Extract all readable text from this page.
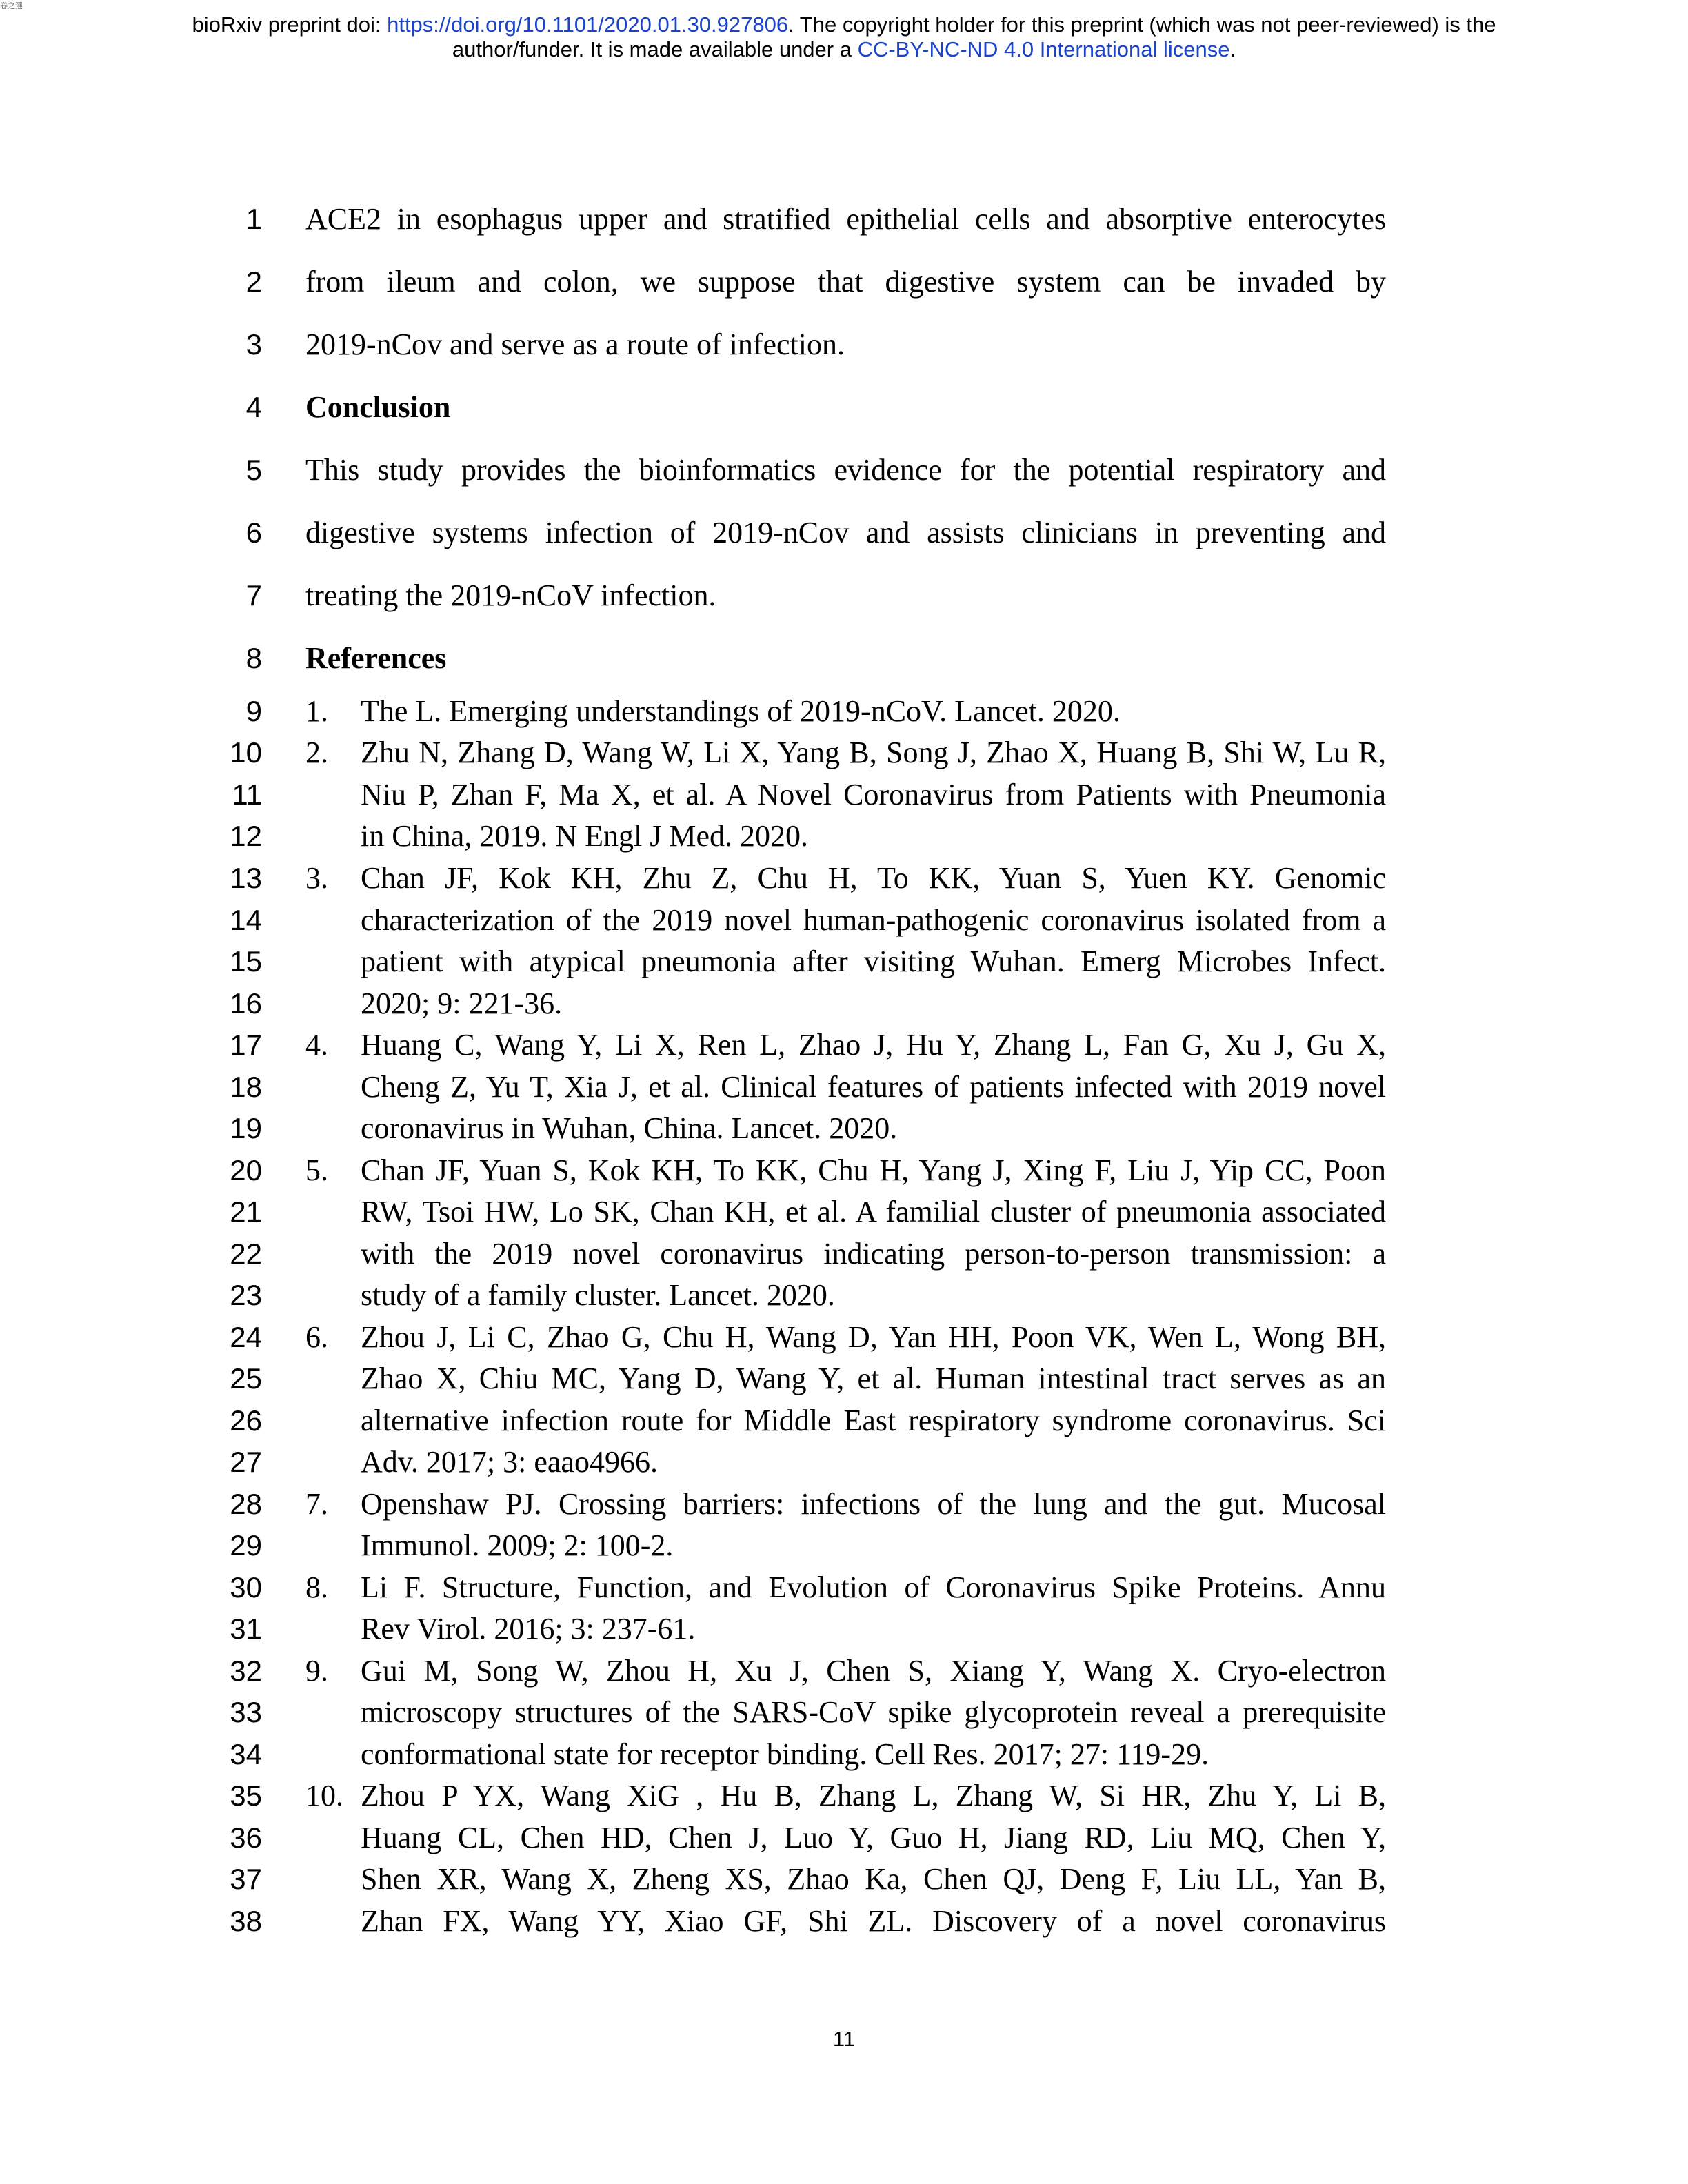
卷之選
bioRxiv preprint doi: https://doi.org/10.1101/2020.01.30.927806. The copyright holder for this preprint (which was not peer-reviewed) is the
author/funder. It is made available under a CC-BY-NC-ND 4.0 International license.
1 ACE2 in esophagus upper and stratified epithelial cells and absorptive enterocytes
2 from ileum and colon, we suppose that digestive system can be invaded by
3 2019-nCov and serve as a route of infection.
4 Conclusion
5 This study provides the bioinformatics evidence for the potential respiratory and
6 digestive systems infection of 2019-nCov and assists clinicians in preventing and
7 treating the 2019-nCoV infection.
8 References
9 1.	The L. Emerging understandings of 2019-nCoV. Lancet. 2020.
10 2.	Zhu N, Zhang D, Wang W, Li X, Yang B, Song J, Zhao X, Huang B, Shi W, Lu R,
11	Niu P, Zhan F, Ma X, et al. A Novel Coronavirus from Patients with Pneumonia
12	in China, 2019. N Engl J Med. 2020.
13 3.	Chan JF, Kok KH, Zhu Z, Chu H, To KK, Yuan S, Yuen KY. Genomic
14	characterization of the 2019 novel human-pathogenic coronavirus isolated from a
15	patient with atypical pneumonia after visiting Wuhan. Emerg Microbes Infect.
16	2020; 9: 221-36.
17 4.	Huang C, Wang Y, Li X, Ren L, Zhao J, Hu Y, Zhang L, Fan G, Xu J, Gu X,
18	Cheng Z, Yu T, Xia J, et al. Clinical features of patients infected with 2019 novel
19	coronavirus in Wuhan, China. Lancet. 2020.
20 5.	Chan JF, Yuan S, Kok KH, To KK, Chu H, Yang J, Xing F, Liu J, Yip CC, Poon
21	RW, Tsoi HW, Lo SK, Chan KH, et al. A familial cluster of pneumonia associated
22	with the 2019 novel coronavirus indicating person-to-person transmission: a
23	study of a family cluster. Lancet. 2020.
24 6.	Zhou J, Li C, Zhao G, Chu H, Wang D, Yan HH, Poon VK, Wen L, Wong BH,
25	Zhao X, Chiu MC, Yang D, Wang Y, et al. Human intestinal tract serves as an
26	alternative infection route for Middle East respiratory syndrome coronavirus. Sci
27	Adv. 2017; 3: eaao4966.
28 7.	Openshaw PJ. Crossing barriers: infections of the lung and the gut. Mucosal
29	Immunol. 2009; 2: 100-2.
30 8.	Li F. Structure, Function, and Evolution of Coronavirus Spike Proteins. Annu
31	Rev Virol. 2016; 3: 237-61.
32 9.	Gui M, Song W, Zhou H, Xu J, Chen S, Xiang Y, Wang X. Cryo-electron
33	microscopy structures of the SARS-CoV spike glycoprotein reveal a prerequisite
34	conformational state for receptor binding. Cell Res. 2017; 27: 119-29.
35 10. Zhou P YX, Wang XiG , Hu B, Zhang L, Zhang W, Si HR, Zhu Y, Li B,
36	Huang CL, Chen HD, Chen J, Luo Y, Guo H, Jiang RD, Liu MQ, Chen Y,
37	Shen XR, Wang X, Zheng XS, Zhao Ka, Chen QJ, Deng F, Liu LL, Yan B,
38	Zhan FX, Wang YY, Xiao GF, Shi ZL. Discovery of a novel coronavirus
11
